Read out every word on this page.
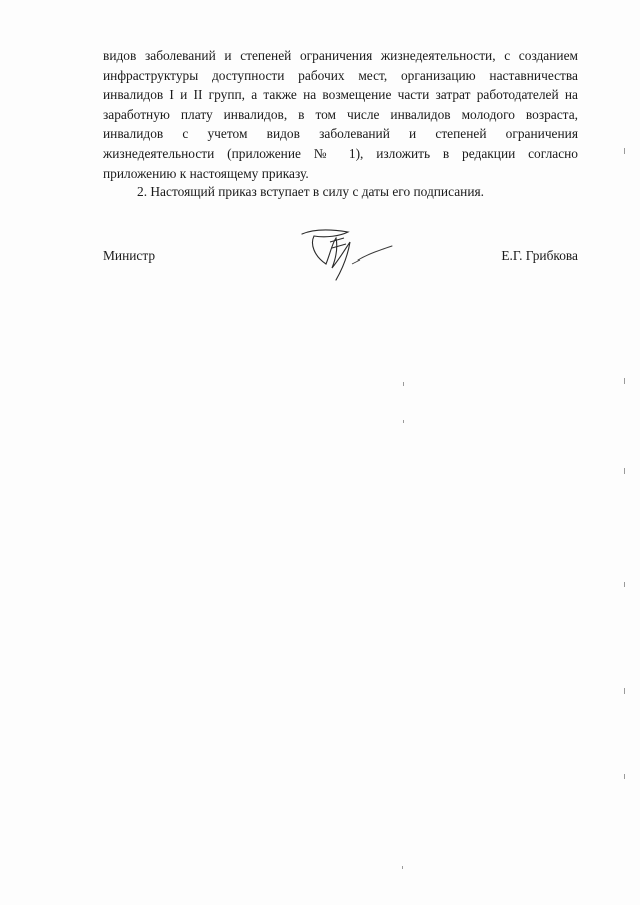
видов заболеваний и степеней ограничения жизнедеятельности, с созданием
инфраструктуры доступности рабочих мест, организацию наставничества
инвалидов I и II групп, а также на возмещение части затрат работодателей на
заработную плату инвалидов, в том числе инвалидов молодого возраста,
инвалидов с учетом видов заболеваний и степеней ограничения
жизнедеятельности (приложение № 1), изложить в редакции согласно
приложению к настоящему приказу.
2. Настоящий приказ вступает в силу с даты его подписания.
Министр	Е.Г. Грибкова
